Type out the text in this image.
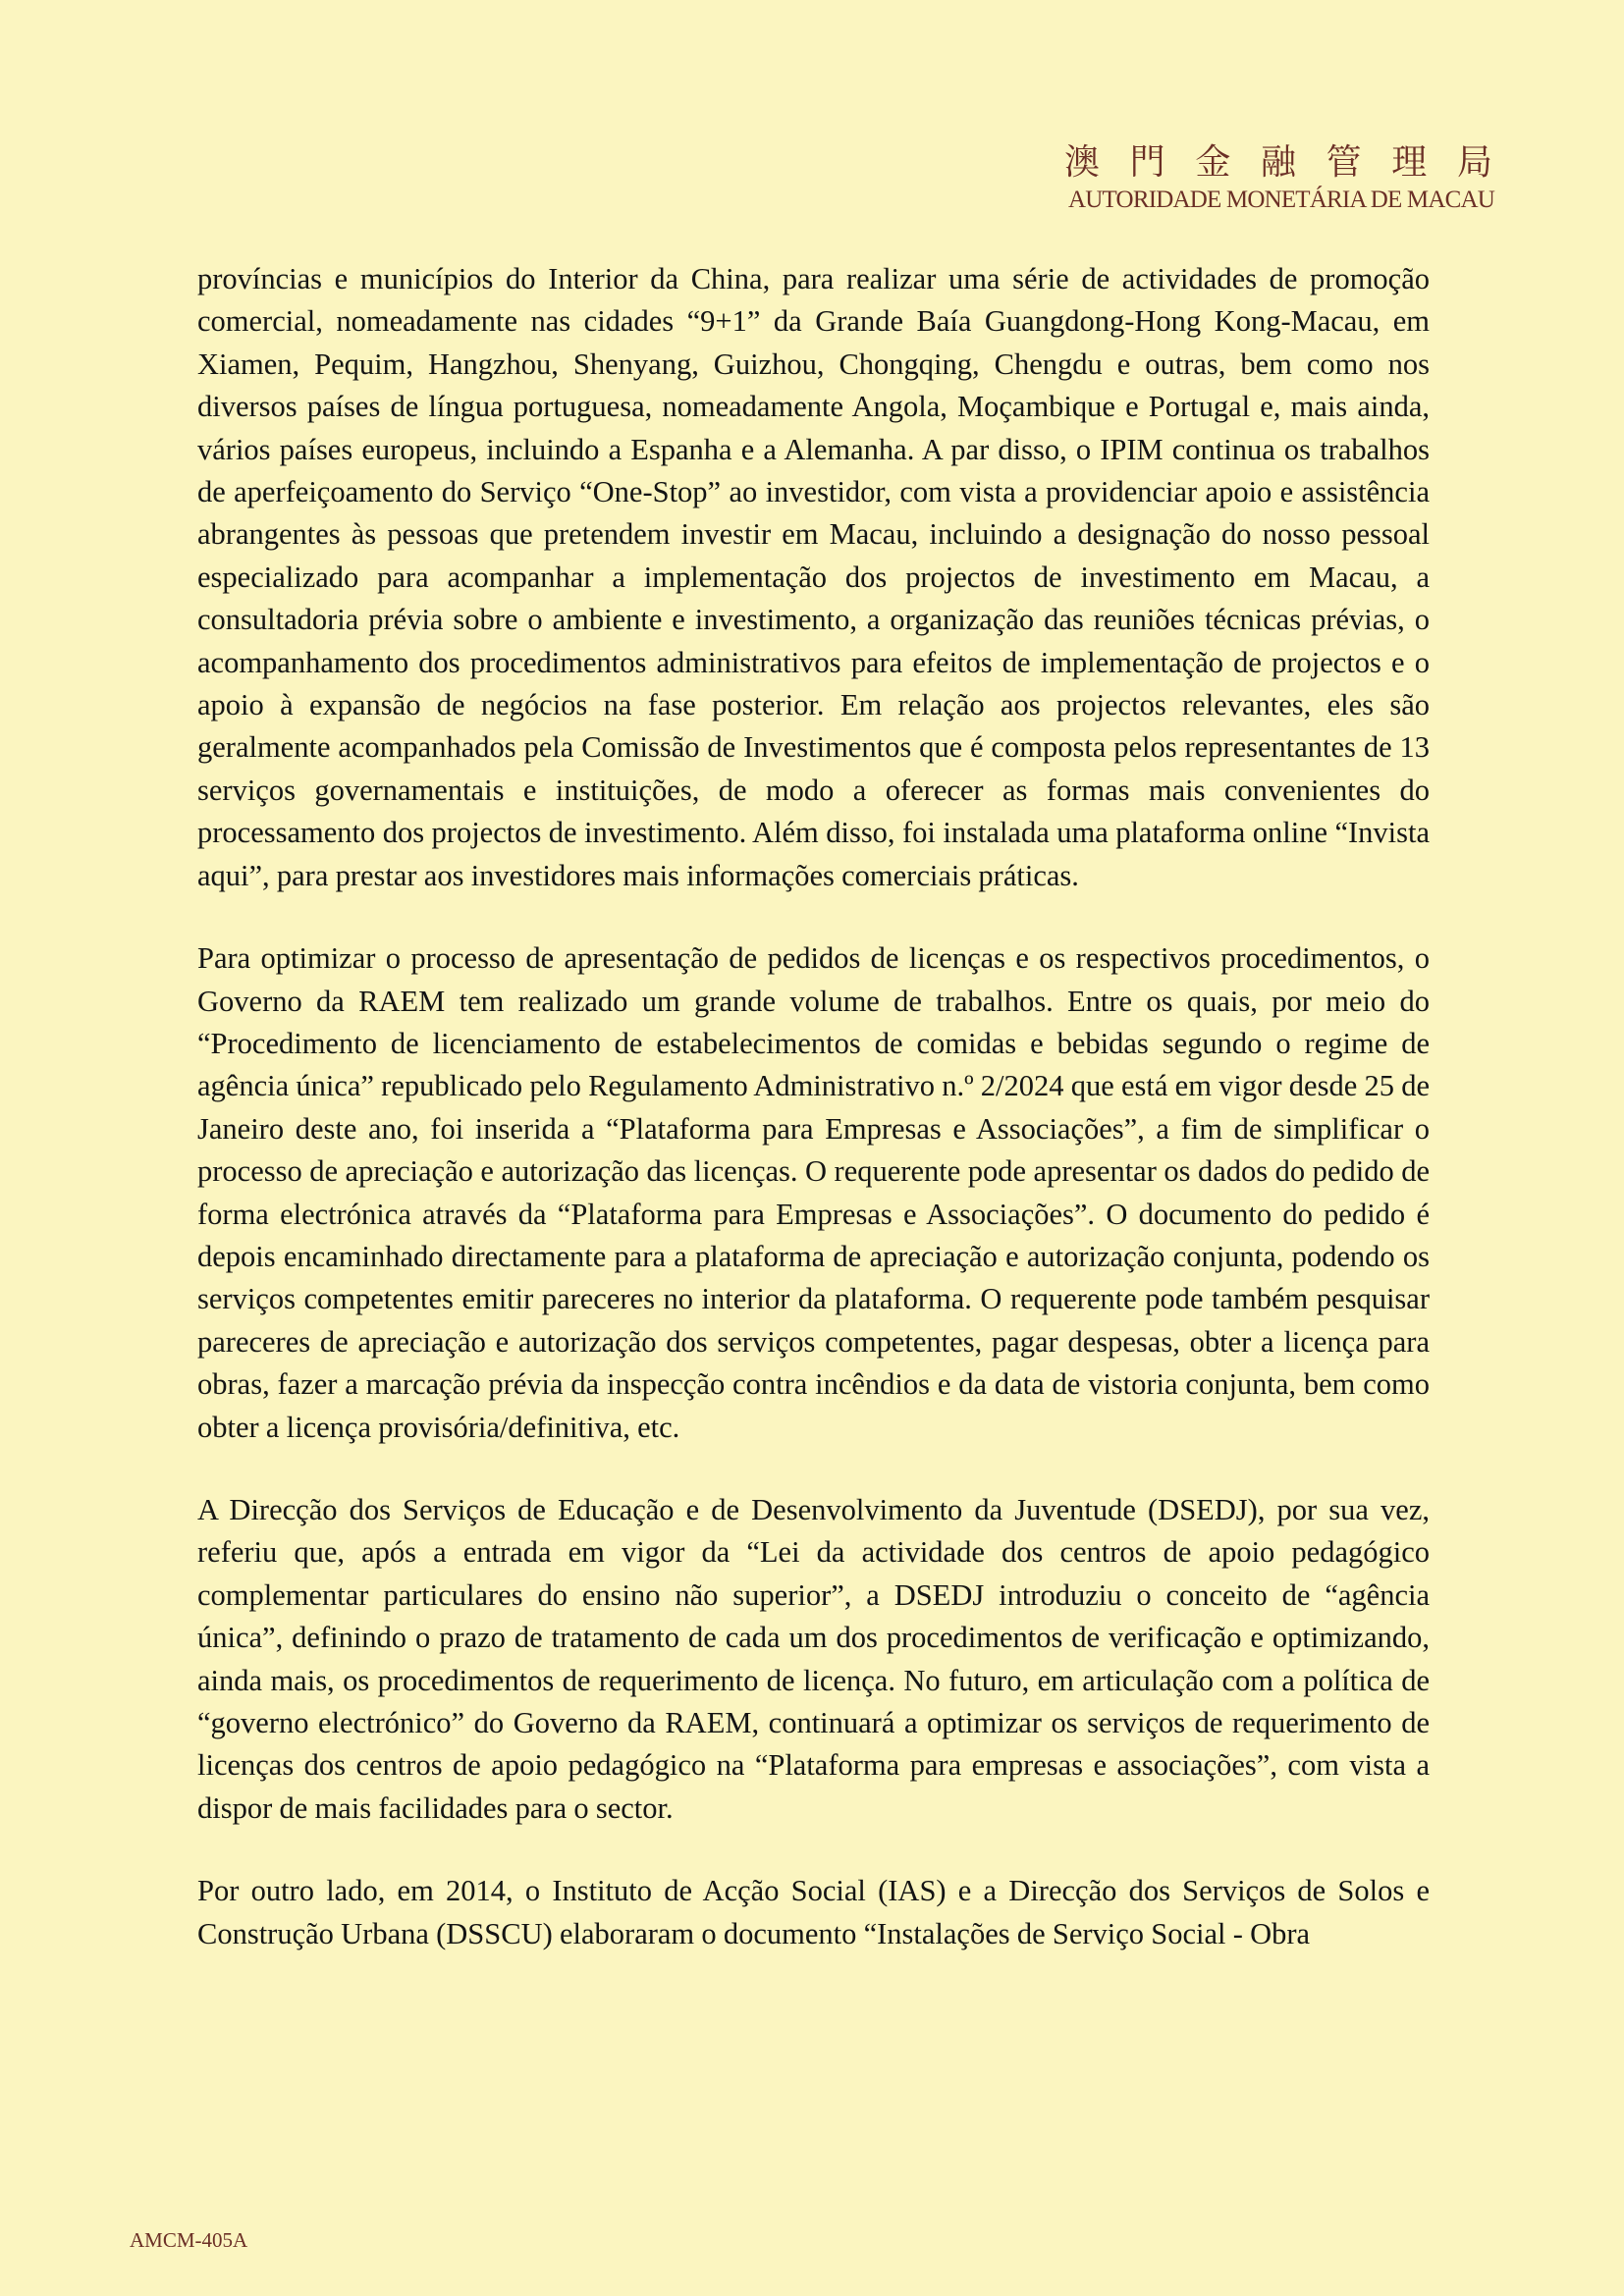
澳 門 金 融 管 理 局
AUTORIDADE MONETÁRIA DE MACAU

províncias e municípios do Interior da China, para realizar uma série de actividades de promoção comercial, nomeadamente nas cidades “9+1” da Grande Baía Guangdong-Hong Kong-Macau, em Xiamen, Pequim, Hangzhou, Shenyang, Guizhou, Chongqing, Chengdu e outras, bem como nos diversos países de língua portuguesa, nomeadamente Angola, Moçambique e Portugal e, mais ainda, vários países europeus, incluindo a Espanha e a Alemanha. A par disso, o IPIM continua os trabalhos de aperfeiçoamento do Serviço “One-Stop” ao investidor, com vista a providenciar apoio e assistência abrangentes às pessoas que pretendem investir em Macau, incluindo a designação do nosso pessoal especializado para acompanhar a implementação dos projectos de investimento em Macau, a consultadoria prévia sobre o ambiente e investimento, a organização das reuniões técnicas prévias, o acompanhamento dos procedimentos administrativos para efeitos de implementação de projectos e o apoio à expansão de negócios na fase posterior. Em relação aos projectos relevantes, eles são geralmente acompanhados pela Comissão de Investimentos que é composta pelos representantes de 13 serviços governamentais e instituições, de modo a oferecer as formas mais convenientes do processamento dos projectos de investimento. Além disso, foi instalada uma plataforma online “Invista aqui”, para prestar aos investidores mais informações comerciais práticas.

Para optimizar o processo de apresentação de pedidos de licenças e os respectivos procedimentos, o Governo da RAEM tem realizado um grande volume de trabalhos. Entre os quais, por meio do “Procedimento de licenciamento de estabelecimentos de comidas e bebidas segundo o regime de agência única” republicado pelo Regulamento Administrativo n.º 2/2024 que está em vigor desde 25 de Janeiro deste ano, foi inserida a “Plataforma para Empresas e Associações”, a fim de simplificar o processo de apreciação e autorização das licenças. O requerente pode apresentar os dados do pedido de forma electrónica através da “Plataforma para Empresas e Associações”. O documento do pedido é depois encaminhado directamente para a plataforma de apreciação e autorização conjunta, podendo os serviços competentes emitir pareceres no interior da plataforma. O requerente pode também pesquisar pareceres de apreciação e autorização dos serviços competentes, pagar despesas, obter a licença para obras, fazer a marcação prévia da inspecção contra incêndios e da data de vistoria conjunta, bem como obter a licença provisória/definitiva, etc.

A Direcção dos Serviços de Educação e de Desenvolvimento da Juventude (DSEDJ), por sua vez, referiu que, após a entrada em vigor da “Lei da actividade dos centros de apoio pedagógico complementar particulares do ensino não superior”, a DSEDJ introduziu o conceito de “agência única”, definindo o prazo de tratamento de cada um dos procedimentos de verificação e optimizando, ainda mais, os procedimentos de requerimento de licença. No futuro, em articulação com a política de “governo electrónico” do Governo da RAEM, continuará a optimizar os serviços de requerimento de licenças dos centros de apoio pedagógico na “Plataforma para empresas e associações”, com vista a dispor de mais facilidades para o sector.

Por outro lado, em 2014, o Instituto de Acção Social (IAS) e a Direcção dos Serviços de Solos e Construção Urbana (DSSCU) elaboraram o documento “Instalações de Serviço Social - Obra

AMCM-405A
